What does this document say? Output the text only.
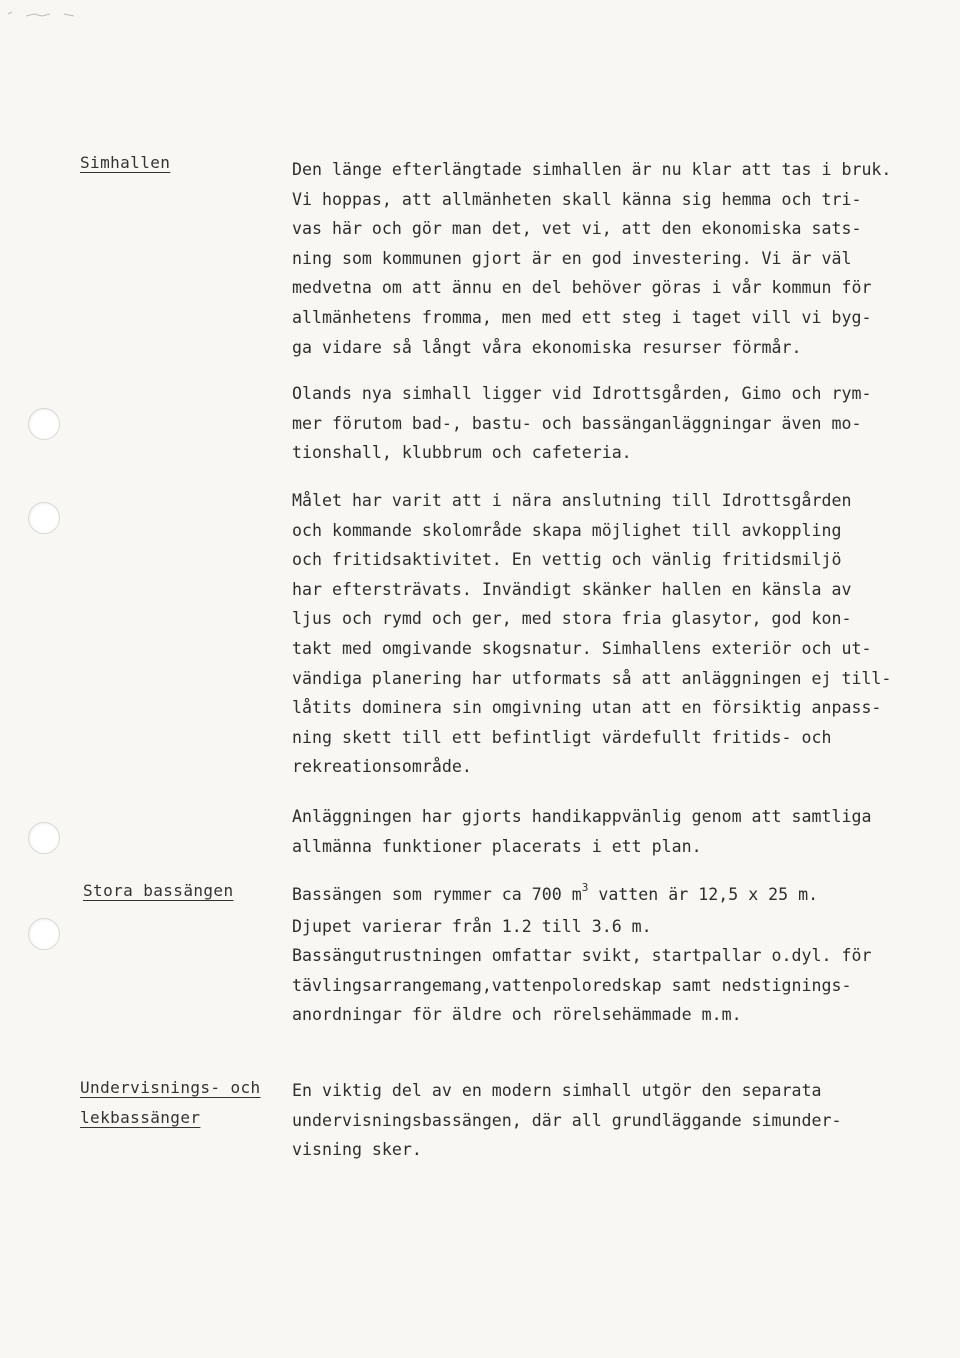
Simhallen	Den länge efterlängtade simhallen är nu klar att tas i bruk.
Vi hoppas, att allmänheten skall känna sig hemma och tri-
vas här och gör man det, vet vi, att den ekonomiska sats-
ning som kommunen gjort är en god investering. Vi är väl
medvetna om att ännu en del behöver göras i vår kommun för
allmänhetens fromma, men med ett steg i taget vill vi byg-
ga vidare så långt våra ekonomiska resurser förmår.

Olands nya simhall ligger vid Idrottsgården, Gimo och rym-
mer förutom bad-, bastu- och bassänganläggningar även mo-
tionshall, klubbrum och cafeteria.

Målet har varit att i nära anslutning till Idrottsgården
och kommande skolområde skapa möjlighet till avkoppling
och fritidsaktivitet. En vettig och vänlig fritidsmiljö
har eftersträvats. Invändigt skänker hallen en känsla av
ljus och rymd och ger, med stora fria glasytor, god kon-
takt med omgivande skogsnatur. Simhallens exteriör och ut-
vändiga planering har utformats så att anläggningen ej till-
låtits dominera sin omgivning utan att en försiktig anpass-
ning skett till ett befintligt värdefullt fritids- och
rekreationsområde.

Anläggningen har gjorts handikappvänlig genom att samtliga
allmänna funktioner placerats i ett plan.

Stora bassängen	Bassängen som rymmer ca 700 $m^3$ vatten är 12,5 x 25 m.
Djupet varierar från 1.2 till 3.6 m.
Bassängutrustningen omfattar svikt, startpallar o.dyl. för
tävlingsarrangemang,vattenpoloredskap samt nedstignings-
anordningar för äldre och rörelsehämmade m.m.

Undervisnings- och
lekbassänger

En viktig del av en modern simhall utgör den separata
undervisningsbassängen, där all grundläggande simunder-
visning sker.
